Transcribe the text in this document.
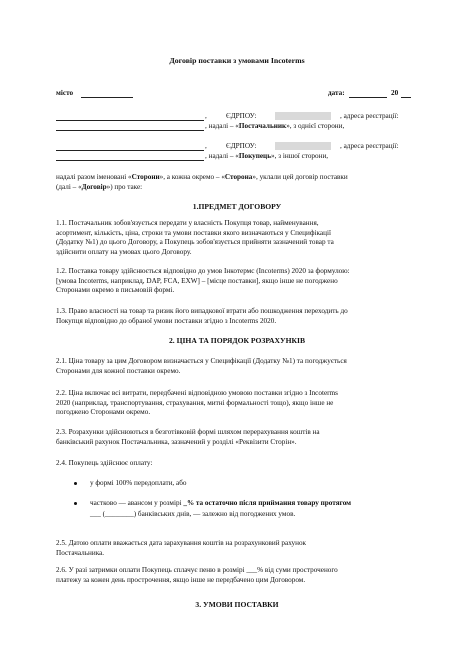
Договір поставки з умовами Incoterms
місто	дата:	20
,	ЄДРПОУ:	, адреса реєстрації:
, надалі – «Постачальник», з однієї сторони,
,	ЄДРПОУ:	, адреса реєстрації:
, надалі – «Покупець», з іншої сторони,
надалі разом іменовані «Сторони», а кожна окремо – «Сторона», уклали цей договір поставки
(далі – «Договір») про таке:
1.ПРЕДМЕТ ДОГОВОРУ
1.1. Постачальник зобов'язується передати у власність Покупця товар, найменування,
асортимент, кількість, ціна, строки та умови поставки якого визначаються у Специфікації
(Додатку №1) до цього Договору, а Покупець зобов'язується прийняти зазначений товар та
здійснити оплату на умовах цього Договору.
1.2. Поставка товару здійснюється відповідно до умов Інкотермс (Incoterms) 2020 за формулою:
[умова Incoterms, наприклад, DAP, FCA, EXW] – [місце поставки], якщо інше не погоджено
Сторонами окремо в письмовій формі.
1.3. Право власності на товар та ризик його випадкової втрати або пошкодження переходить до
Покупця відповідно до обраної умови поставки згідно з Incoterms 2020.
2. ЦІНА ТА ПОРЯДОК РОЗРАХУНКІВ
2.1. Ціна товару за цим Договором визначається у Специфікації (Додатку №1) та погоджується
Сторонами для кожної поставки окремо.
2.2. Ціна включає всі витрати, передбачені відповідною умовою поставки згідно з Incoterms
2020 (наприклад, транспортування, страхування, митні формальності тощо), якщо інше не
погоджено Сторонами окремо.
2.3. Розрахунки здійснюються в безготівковій формі шляхом перерахування коштів на
банківський рахунок Постачальника, зазначений у розділі «Реквізити Сторін».
2.4. Покупець здійснює оплату:
у формі 100% передоплати, або
частково — авансом у розмірі _% та остаточно після приймання товару протягом
___ (________) банківських днів, — залежно від погоджених умов.
2.5. Датою оплати вважається дата зарахування коштів на розрахунковий рахунок
Постачальника.
2.6. У разі затримки оплати Покупець сплачує пеню в розмірі ___% від суми простроченого
платежу за кожен день прострочення, якщо інше не передбачено цим Договором.
3. УМОВИ ПОСТАВКИ
